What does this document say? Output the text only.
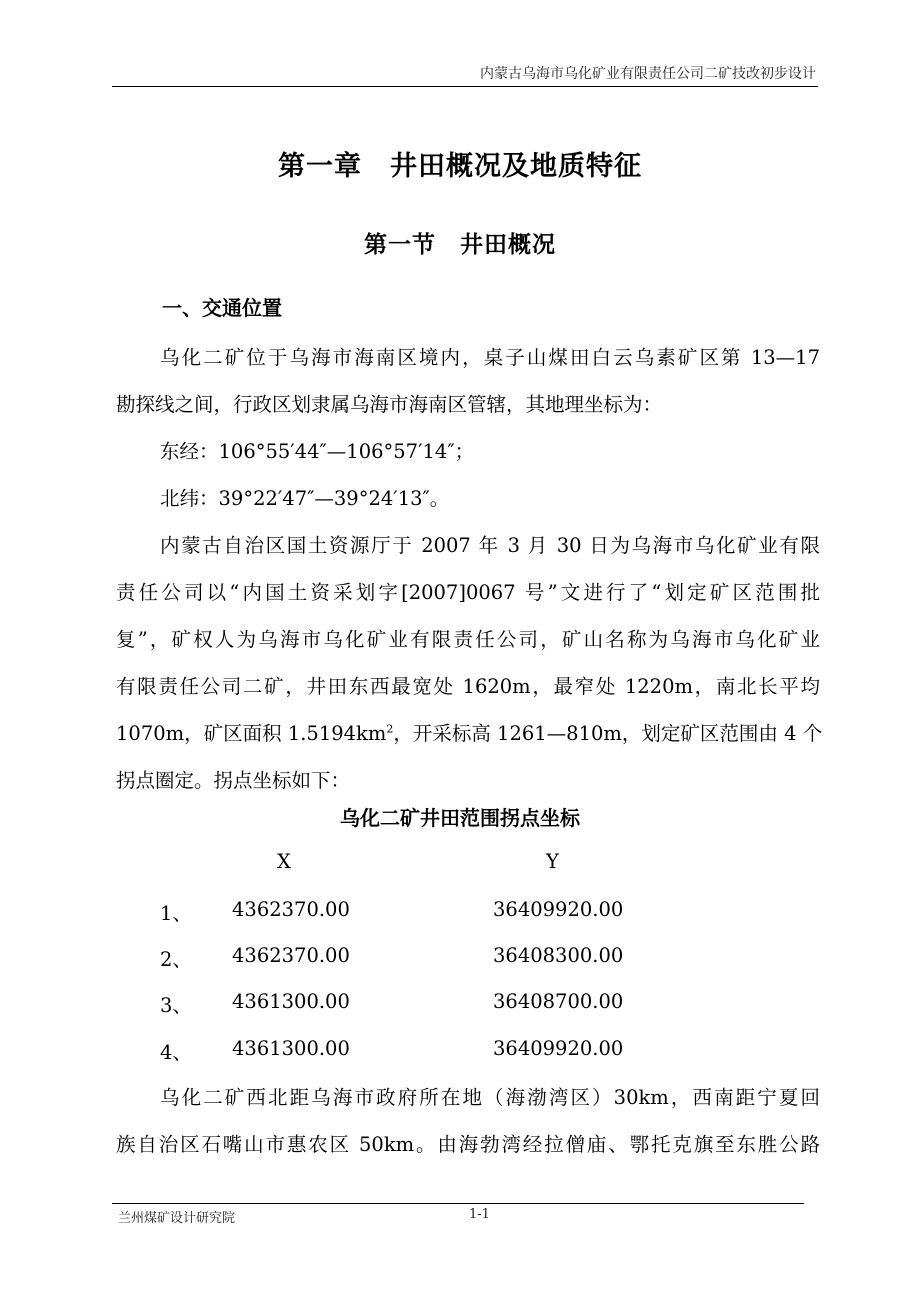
内蒙古乌海市乌化矿业有限责任公司二矿技改初步设计
第一章　井田概况及地质特征
第一节　井田概况
一、交通位置
乌化二矿位于乌海市海南区境内，桌子山煤田白云乌素矿区第 13—17
勘探线之间，行政区划隶属乌海市海南区管辖，其地理坐标为：
东经：106°55′44″—106°57′14″；
北纬：39°22′47″—39°24′13″。
内蒙古自治区国土资源厅于 2007 年 3 月 30 日为乌海市乌化矿业有限
责任公司以“内国土资采划字[2007]0067 号”文进行了“划定矿区范围批
复”，矿权人为乌海市乌化矿业有限责任公司，矿山名称为乌海市乌化矿业
有限责任公司二矿，井田东西最宽处 1620m，最窄处 1220m，南北长平均
1070m，矿区面积 $1.5194km^2$，开采标高 1261—810m，划定矿区范围由 4 个
拐点圈定。拐点坐标如下：
乌化二矿井田范围拐点坐标
X	Y
1、 4362370.00	36409920.00
2、 4362370.00	36408300.00
3、 4361300.00	36408700.00
4、 4361300.00	36409920.00
乌化二矿西北距乌海市政府所在地（海渤湾区）30km，西南距宁夏回
族自治区石嘴山市惠农区 50km。由海勃湾经拉僧庙、鄂托克旗至东胜公路
兰州煤矿设计研究院	1-1
